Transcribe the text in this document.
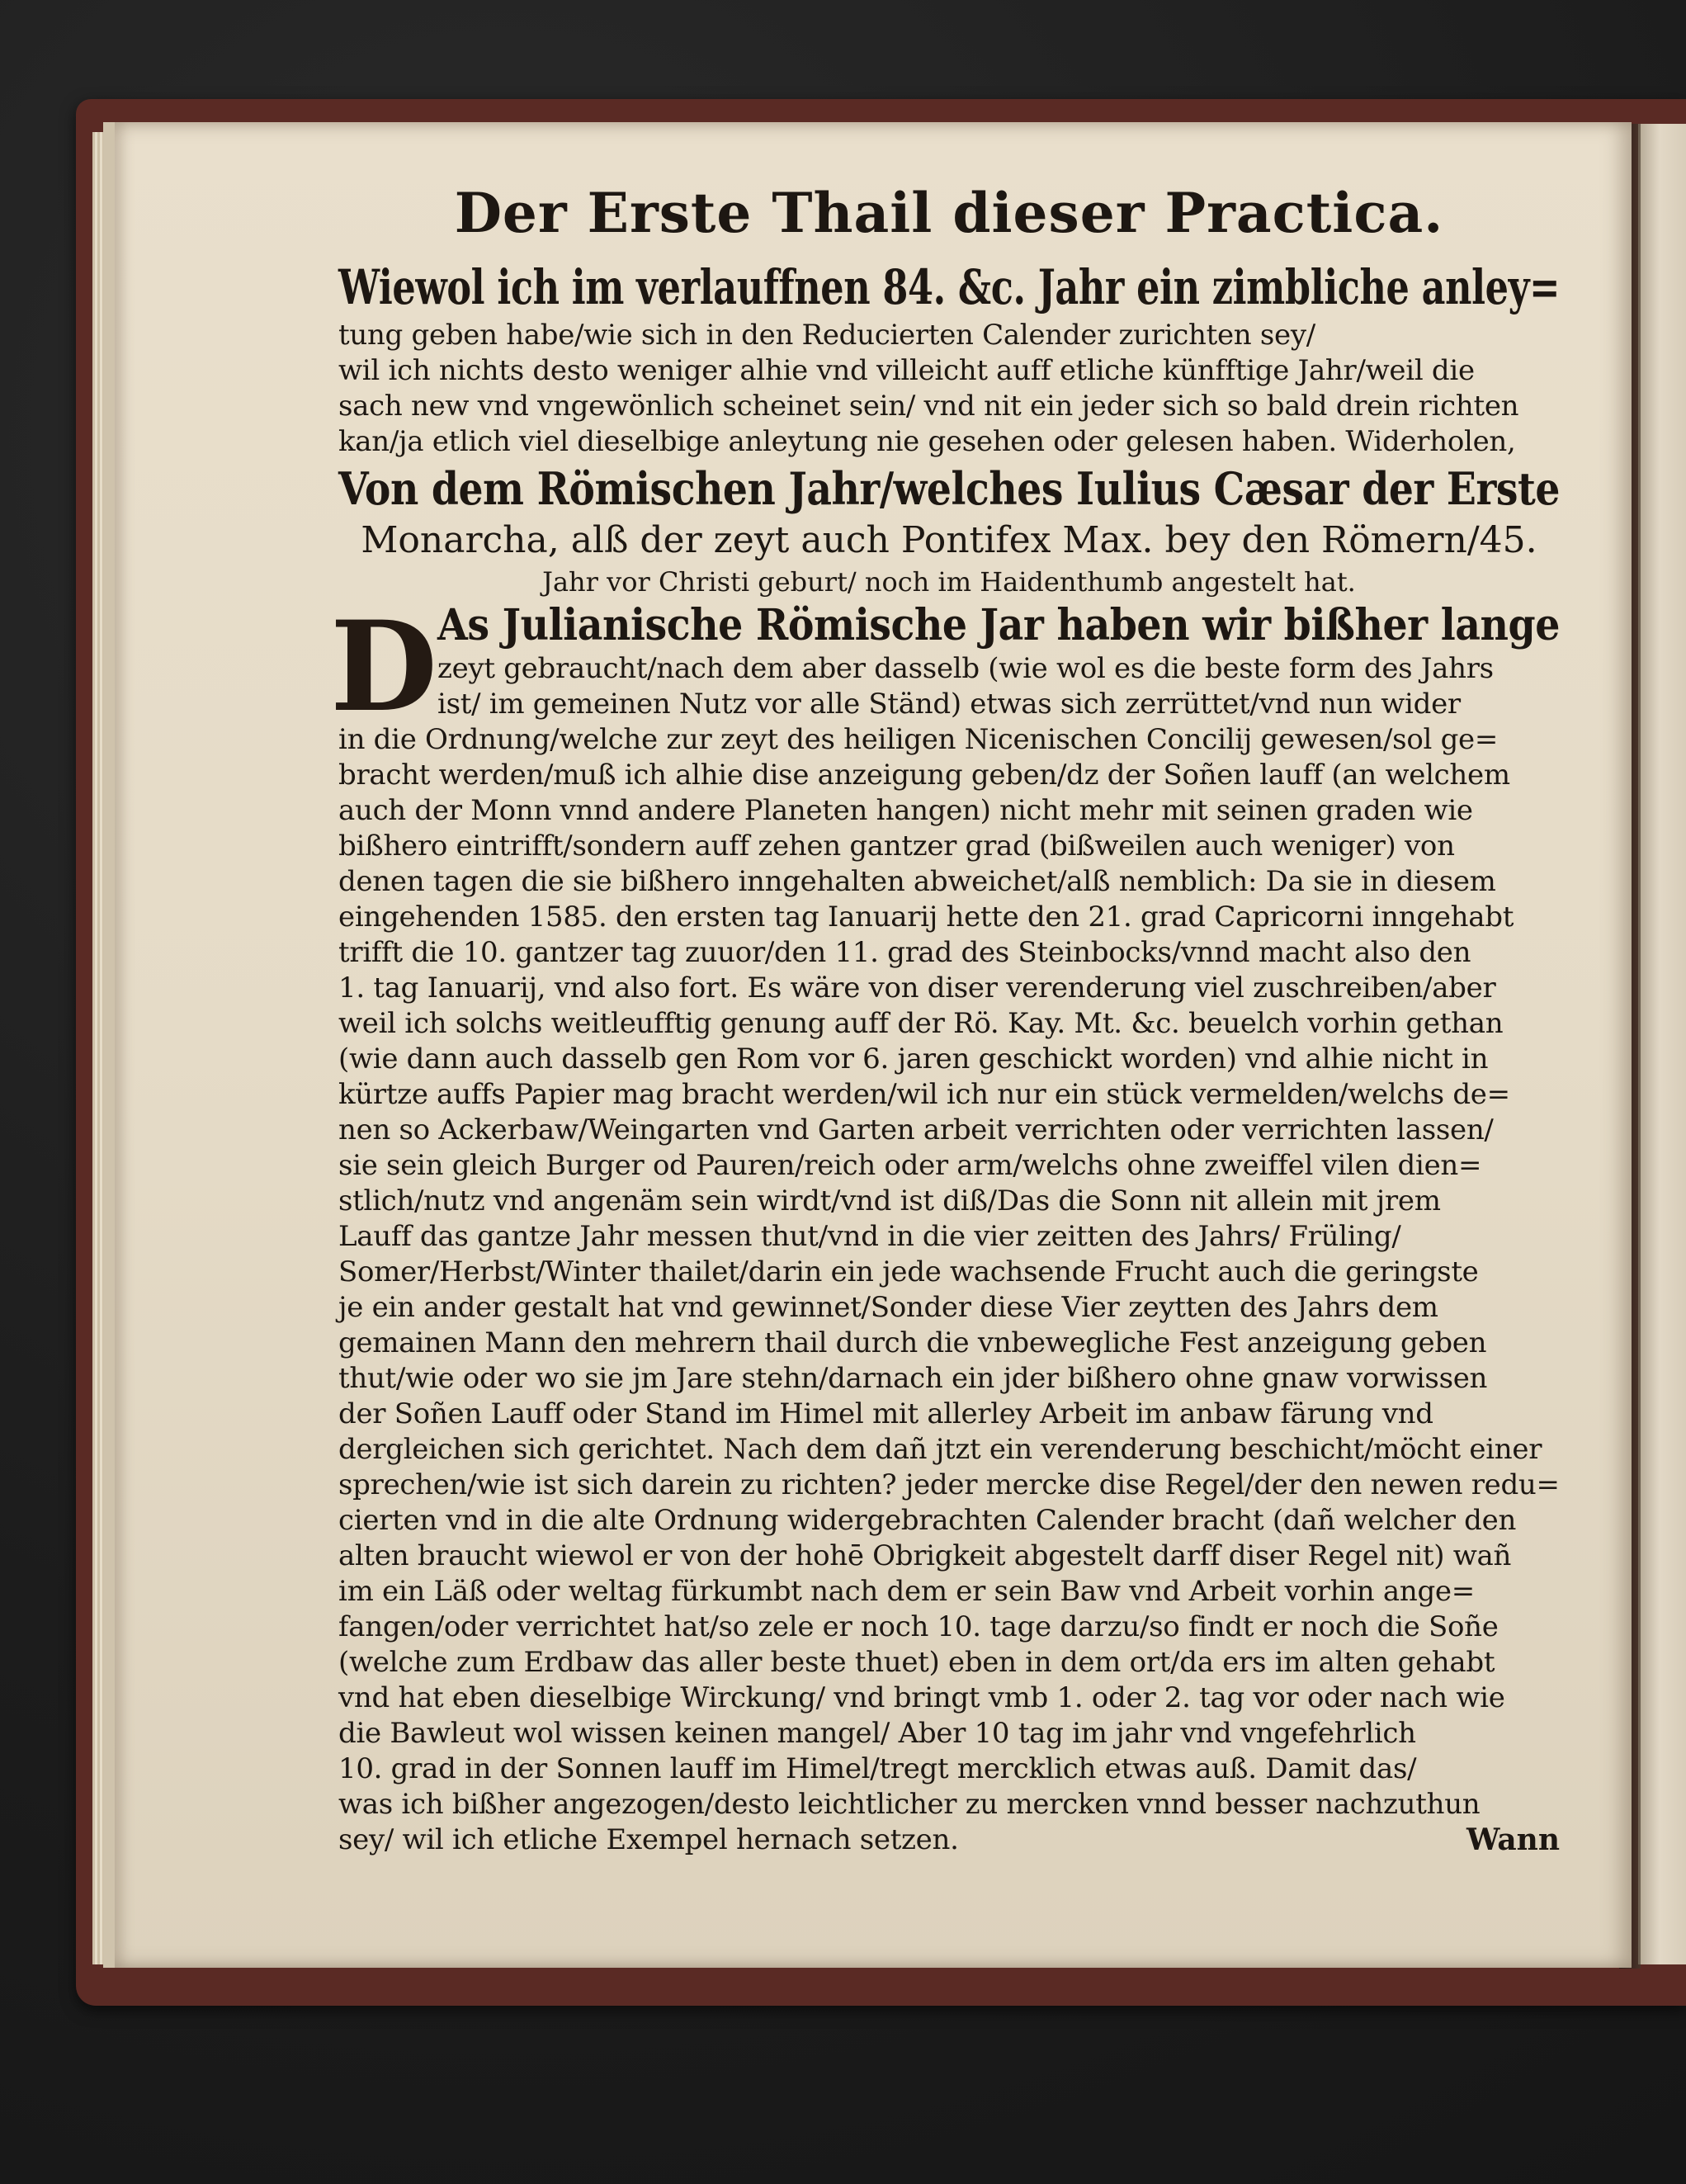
Der Erste Thail dieser Practica.
Wiewol ich im verlauffnen 84. &c. Jahr ein zimbliche anley=
tung geben habe/wie sich in den Reducierten Calender zurichten sey/
wil ich nichts desto weniger alhie vnd villeicht auff etliche künfftige Jahr/weil die
sach new vnd vngewönlich scheinet sein/ vnd nit ein jeder sich so bald drein richten
kan/ja etlich viel dieselbige anleytung nie gesehen oder gelesen haben. Widerholen,
Von dem Römischen Jahr/welches Iulius Cæsar der Erste
Monarcha, alß der zeyt auch Pontifex Max. bey den Römern/45.
Jahr vor Christi geburt/ noch im Haidenthumb angestelt hat.
D As Julianische Römische Jar haben wir bißher lange
zeyt gebraucht/nach dem aber dasselb (wie wol es die beste form des Jahrs
ist/ im gemeinen Nutz vor alle Ständ) etwas sich zerrüttet/vnd nun wider
in die Ordnung/welche zur zeyt des heiligen Nicenischen Concilij gewesen/sol ge=
bracht werden/muß ich alhie dise anzeigung geben/dz der Soñen lauff (an welchem
auch der Monn vnnd andere Planeten hangen) nicht mehr mit seinen graden wie
bißhero eintrifft/sondern auff zehen gantzer grad (bißweilen auch weniger) von
denen tagen die sie bißhero inngehalten abweichet/alß nemblich: Da sie in diesem
eingehenden 1585. den ersten tag Ianuarij hette den 21. grad Capricorni inngehabt
trifft die 10. gantzer tag zuuor/den 11. grad des Steinbocks/vnnd macht also den
1. tag Ianuarij, vnd also fort. Es wäre von diser verenderung viel zuschreiben/aber
weil ich solchs weitleufftig genung auff der Rö. Kay. Mt. &c. beuelch vorhin gethan
(wie dann auch dasselb gen Rom vor 6. jaren geschickt worden) vnd alhie nicht in
kürtze auffs Papier mag bracht werden/wil ich nur ein stück vermelden/welchs de=
nen so Ackerbaw/Weingarten vnd Garten arbeit verrichten oder verrichten lassen/
sie sein gleich Burger od Pauren/reich oder arm/welchs ohne zweiffel vilen dien=
stlich/nutz vnd angenäm sein wirdt/vnd ist diß/Das die Sonn nit allein mit jrem
Lauff das gantze Jahr messen thut/vnd in die vier zeitten des Jahrs/ Früling/
Somer/Herbst/Winter thailet/darin ein jede wachsende Frucht auch die geringste
je ein ander gestalt hat vnd gewinnet/Sonder diese Vier zeytten des Jahrs dem
gemainen Mann den mehrern thail durch die vnbewegliche Fest anzeigung geben
thut/wie oder wo sie jm Jare stehn/darnach ein jder bißhero ohne gnaw vorwissen
der Soñen Lauff oder Stand im Himel mit allerley Arbeit im anbaw färung vnd
dergleichen sich gerichtet. Nach dem dañ jtzt ein verenderung beschicht/möcht einer
sprechen/wie ist sich darein zu richten? jeder mercke dise Regel/der den newen redu=
cierten vnd in die alte Ordnung widergebrachten Calender bracht (dañ welcher den
alten braucht wiewol er von der hohē Obrigkeit abgestelt darff diser Regel nit) wañ
im ein Läß oder weltag fürkumbt nach dem er sein Baw vnd Arbeit vorhin ange=
fangen/oder verrichtet hat/so zele er noch 10. tage darzu/so findt er noch die Soñe
(welche zum Erdbaw das aller beste thuet) eben in dem ort/da ers im alten gehabt
vnd hat eben dieselbige Wirckung/ vnd bringt vmb 1. oder 2. tag vor oder nach wie
die Bawleut wol wissen keinen mangel/ Aber 10 tag im jahr vnd vngefehrlich
10. grad in der Sonnen lauff im Himel/tregt mercklich etwas auß. Damit das/
was ich bißher angezogen/desto leichtlicher zu mercken vnnd besser nachzuthun
sey/ wil ich etliche Exempel hernach setzen.	Wann
